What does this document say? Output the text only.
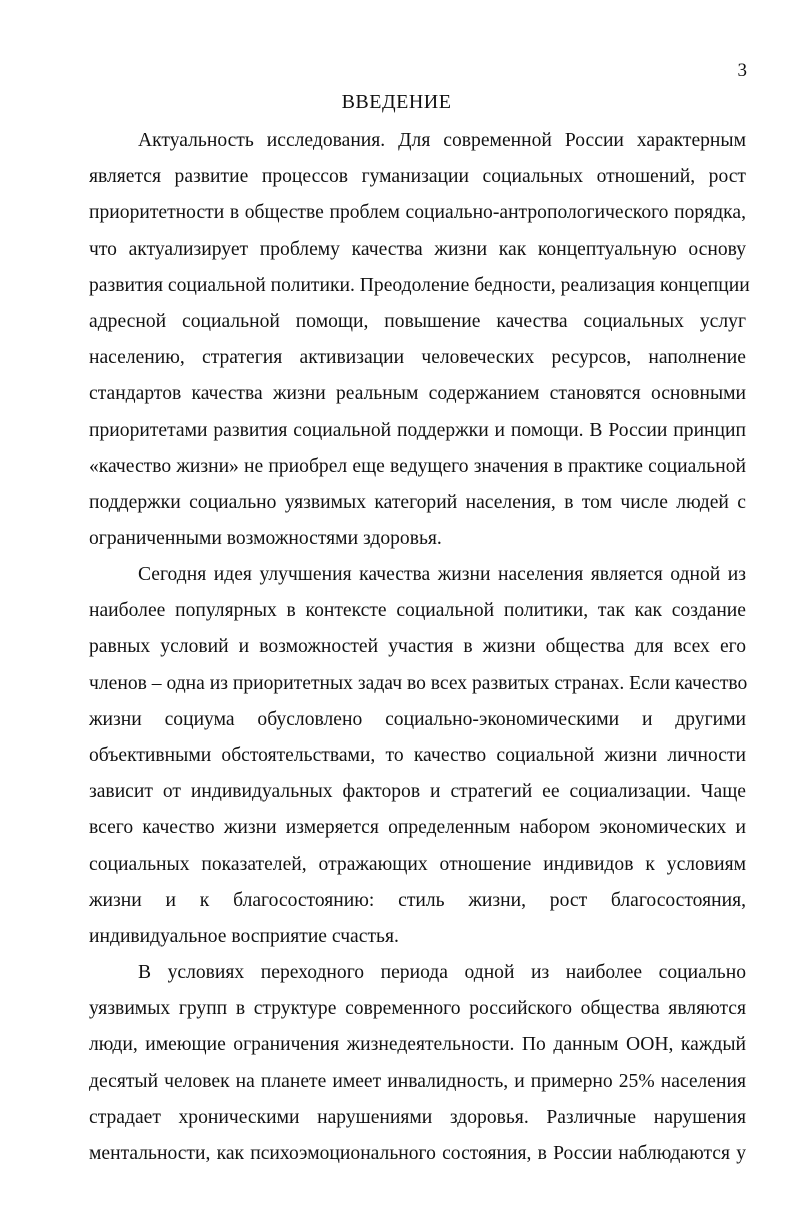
3
ВВЕДЕНИЕ
Актуальность исследования. Для современной России характерным
является развитие процессов гуманизации социальных отношений, рост
приоритетности в обществе проблем социально-антропологического порядка,
что актуализирует проблему качества жизни как концептуальную основу
развития социальной политики. Преодоление бедности, реализация концепции
адресной социальной помощи, повышение качества социальных услуг
населению, стратегия активизации человеческих ресурсов, наполнение
стандартов качества жизни реальным содержанием становятся основными
приоритетами развития социальной поддержки и помощи. В России принцип
«качество жизни» не приобрел еще ведущего значения в практике социальной
поддержки социально уязвимых категорий населения, в том числе людей с
ограниченными возможностями здоровья.
Сегодня идея улучшения качества жизни населения является одной из
наиболее популярных в контексте социальной политики, так как создание
равных условий и возможностей участия в жизни общества для всех его
членов – одна из приоритетных задач во всех развитых странах. Если качество
жизни социума обусловлено социально-экономическими и другими
объективными обстоятельствами, то качество социальной жизни личности
зависит от индивидуальных факторов и стратегий ее социализации. Чаще
всего качество жизни измеряется определенным набором экономических и
социальных показателей, отражающих отношение индивидов к условиям
жизни и к благосостоянию: стиль жизни, рост благосостояния,
индивидуальное восприятие счастья.
В условиях переходного периода одной из наиболее социально
уязвимых групп в структуре современного российского общества являются
люди, имеющие ограничения жизнедеятельности. По данным ООН, каждый
десятый человек на планете имеет инвалидность, и примерно 25% населения
страдает хроническими нарушениями здоровья. Различные нарушения
ментальности, как психоэмоционального состояния, в России наблюдаются у
